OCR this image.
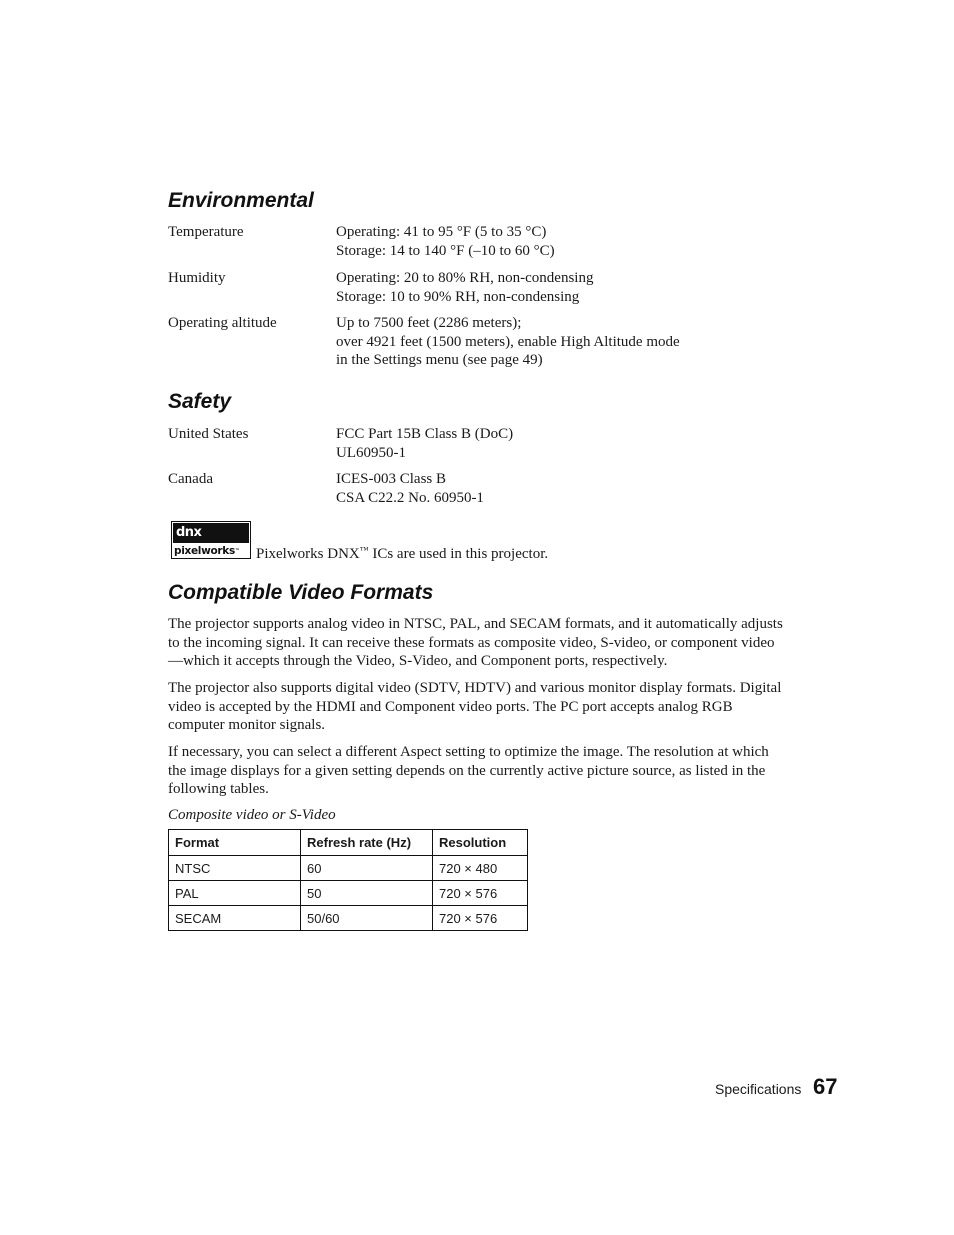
Environmental
Temperature	Operating: 41 to 95 °F (5 to 35 °C)
Storage: 14 to 140 °F (–10 to 60 °C)
Humidity	Operating: 20 to 80% RH, non-condensing
Storage: 10 to 90% RH, non-condensing
Operating altitude	Up to 7500 feet (2286 meters);
over 4921 feet (1500 meters), enable High Altitude mode
in the Settings menu (see page 49)
Safety
United States	FCC Part 15B Class B (DoC)
UL60950-1
Canada	ICES-003 Class B
CSA C22.2 No. 60950-1
dnx
pixelworks™	Pixelworks DNX™ ICs are used in this projector.
Compatible Video Formats

The projector supports analog video in NTSC, PAL, and SECAM formats, and it automatically adjusts to the incoming signal. It can receive these formats as composite video, S-video, or component video—which it accepts through the Video, S-Video, and Component ports, respectively.

The projector also supports digital video (SDTV, HDTV) and various monitor display formats. Digital video is accepted by the HDMI and Component video ports. The PC port accepts analog RGB computer monitor signals.

If necessary, you can select a different Aspect setting to optimize the image. The resolution at which the image displays for a given setting depends on the currently active picture source, as listed in the following tables.

Composite video or S-Video
Format	Refresh rate (Hz)	Resolution
NTSC	60	720 × 480
PAL	50	720 × 576
SECAM	50/60	720 × 576
Specifications 67
